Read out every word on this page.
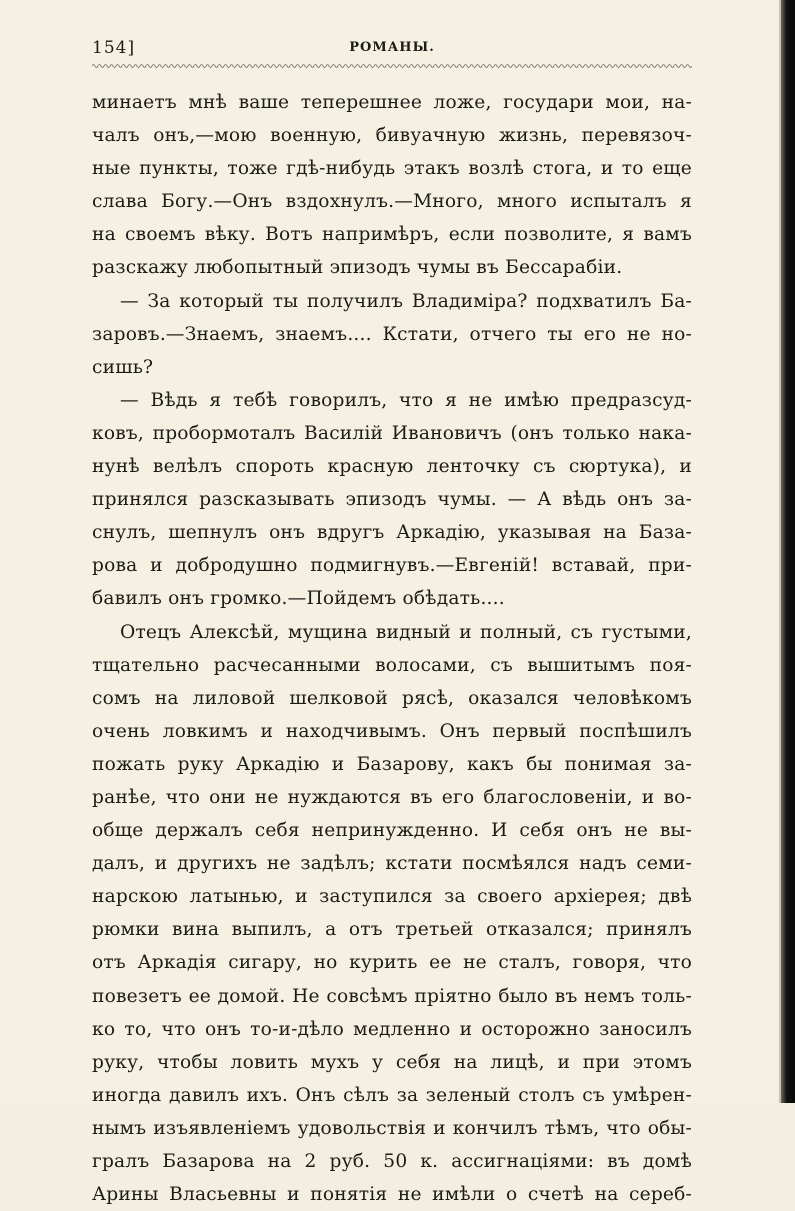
154]	РОМАНЫ.
минаетъ мнѣ ваше теперешнее ложе, государи мои, на-
чалъ онъ,—мою военную, бивуачную жизнь, перевязоч-
ные пункты, тоже гдѣ-нибудь этакъ возлѣ стога, и то еще
слава Богу.—Онъ вздохнулъ.—Много, много испыталъ я
на своемъ вѣку. Вотъ напримѣръ, если позволите, я вамъ
разскажу любопытный эпизодъ чумы въ Бессарабіи.
— За который ты получилъ Владиміра? подхватилъ Ба-
заровъ.—Знаемъ, знаемъ.... Кстати, отчего ты его не но-
сишь?
— Вѣдь я тебѣ говорилъ, что я не имѣю предразсуд-
ковъ, пробормоталъ Василій Ивановичъ (онъ только нака-
нунѣ велѣлъ спороть красную ленточку съ сюртука), и
принялся разсказывать эпизодъ чумы. — А вѣдь онъ за-
снулъ, шепнулъ онъ вдругъ Аркадію, указывая на База-
рова и добродушно подмигнувъ.—Евгеній! вставай, при-
бавилъ онъ громко.—Пойдемъ обѣдать....
Отецъ Алексѣй, мущина видный и полный, съ густыми,
тщательно расчесанными волосами, съ вышитымъ поя-
сомъ на лиловой шелковой рясѣ, оказался человѣкомъ
очень ловкимъ и находчивымъ. Онъ первый поспѣшилъ
пожать руку Аркадію и Базарову, какъ бы понимая за-
ранѣе, что они не нуждаются въ его благословеніи, и во-
обще держалъ себя непринужденно. И себя онъ не вы-
далъ, и другихъ не задѣлъ; кстати посмѣялся надъ семи-
нарскою латынью, и заступился за своего архіерея; двѣ
рюмки вина выпилъ, а отъ третьей отказался; принялъ
отъ Аркадія сигару, но курить ее не сталъ, говоря, что
повезетъ ее домой. Не совсѣмъ пріятно было въ немъ толь-
ко то, что онъ то-и-дѣло медленно и осторожно заносилъ
руку, чтобы ловить мухъ у себя на лицѣ, и при этомъ
иногда давилъ ихъ. Онъ сѣлъ за зеленый столъ съ умѣрен-
нымъ изъявленіемъ удовольствія и кончилъ тѣмъ, что обы-
гралъ Базарова на 2 руб. 50 к. ассигнаціями: въ домѣ
Арины Власьевны и понятія не имѣли о счетѣ на сереб-
